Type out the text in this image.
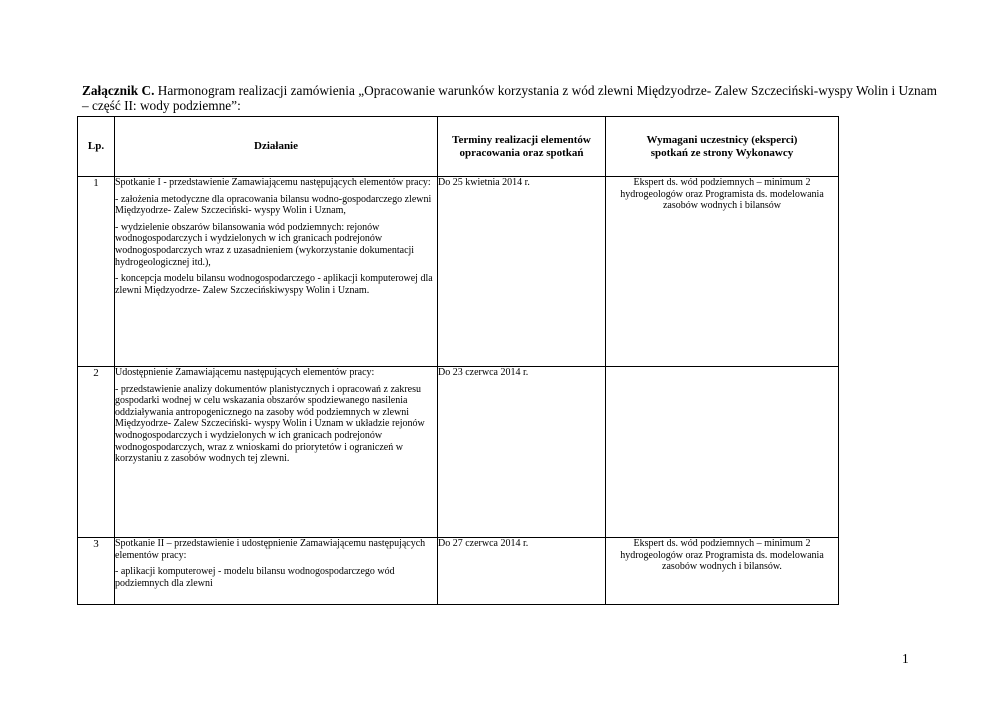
Załącznik C. Harmonogram realizacji zamówienia „Opracowanie warunków korzystania z wód zlewni Międzyodrze- Zalew Szczeciński-wyspy Wolin i Uznam – część II: wody podziemne”:
Lp.	Działanie	Terminy realizacji elementów opracowania oraz spotkań	Wymagani uczestnicy (eksperci) spotkań ze strony Wykonawcy

1	Spotkanie I - przedstawienie Zamawiającemu następujących elementów pracy:

- założenia metodyczne dla opracowania bilansu wodno-gospodarczego zlewni Międzyodrze- Zalew Szczeciński- wyspy Wolin i Uznam,

- wydzielenie obszarów bilansowania wód podziemnych: rejonów wodnogospodarczych i wydzielonych w ich granicach podrejonów wodnogospodarczych wraz z uzasadnieniem (wykorzystanie dokumentacji hydrogeologicznej itd.),

- koncepcja modelu bilansu wodnogospodarczego - aplikacji komputerowej dla zlewni Międzyodrze- Zalew Szczecińskiwyspy Wolin i Uznam.	Do 25 kwietnia 2014 r.	Ekspert ds. wód podziemnych – minimum 2 hydrogeologów oraz Programista ds. modelowania zasobów wodnych i bilansów
2	Udostępnienie Zamawiającemu następujących elementów pracy:

- przedstawienie analizy dokumentów planistycznych i opracowań z zakresu gospodarki wodnej w celu wskazania obszarów spodziewanego nasilenia oddziaływania antropogenicznego na zasoby wód podziemnych w zlewni Międzyodrze- Zalew Szczeciński- wyspy Wolin i Uznam w układzie rejonów wodnogospodarczych i wydzielonych w ich granicach podrejonów wodnogospodarczych, wraz z wnioskami do priorytetów i ograniczeń w korzystaniu z zasobów wodnych tej zlewni.	Do 23 czerwca 2014 r.	
3	Spotkanie II – przedstawienie i udostępnienie Zamawiającemu następujących elementów pracy:

- aplikacji komputerowej - modelu bilansu wodnogospodarczego wód podziemnych dla zlewni	Do 27 czerwca 2014 r.	Ekspert ds. wód podziemnych – minimum 2 hydrogeologów oraz Programista ds. modelowania zasobów wodnych i bilansów.
1
